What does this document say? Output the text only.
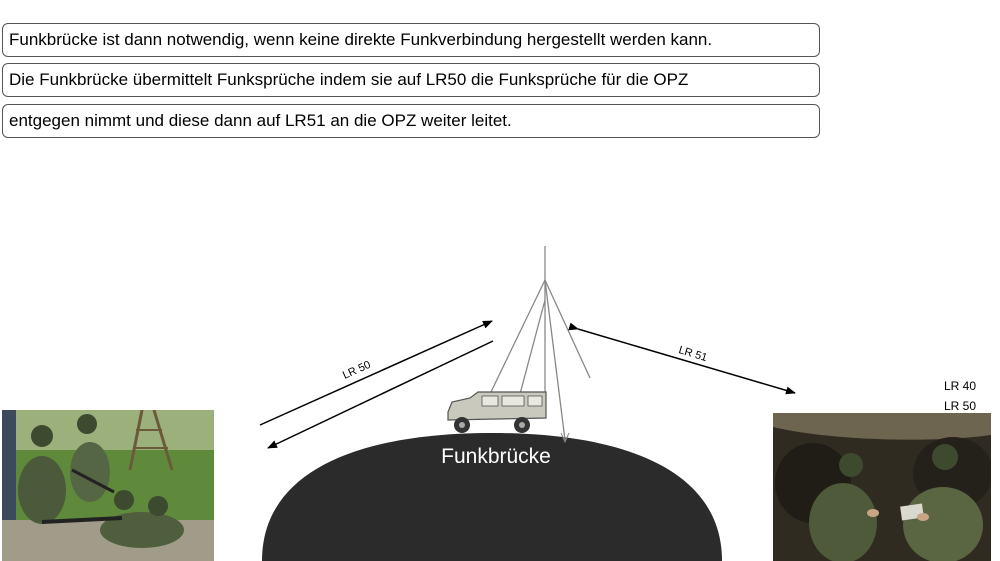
Funkbrücke ist dann notwendig, wenn keine direkte Funkverbindung hergestellt werden kann.
Die Funkbrücke übermittelt Funksprüche indem sie auf LR50 die Funksprüche für die OPZ
entgegen nimmt und diese dann auf LR51 an die OPZ weiter leitet.
LR 50
LR 51
Funkbrücke
LR 40
LR 50
